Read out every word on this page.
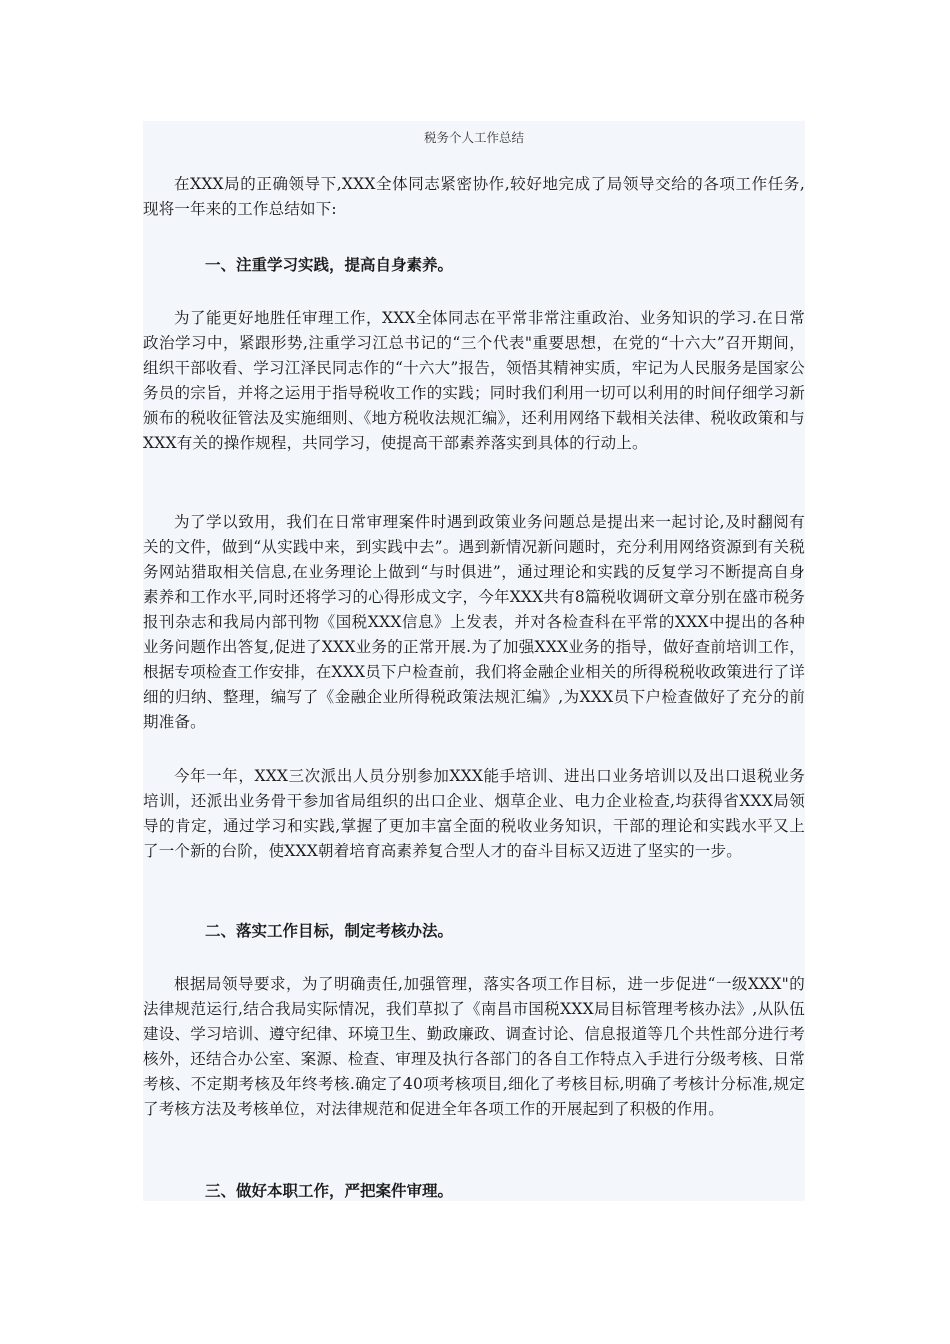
税务个人工作总结

在XXX局的正确领导下,XXX全体同志紧密协作,较好地完成了局领导交给的各项工作任务,现将一年来的工作总结如下:

一、注重学习实践，提高自身素养。

为了能更好地胜任审理工作，XXX全体同志在平常非常注重政治、业务知识的学习.在日常政治学习中，紧跟形势,注重学习江总书记的“三个代表"重要思想，在党的“十六大”召开期间，组织干部收看、学习江泽民同志作的“十六大”报告，领悟其精神实质，牢记为人民服务是国家公务员的宗旨，并将之运用于指导税收工作的实践；同时我们利用一切可以利用的时间仔细学习新颁布的税收征管法及实施细则、《地方税收法规汇编》，还利用网络下载相关法律、税收政策和与XXX有关的操作规程，共同学习，使提高干部素养落实到具体的行动上。

为了学以致用，我们在日常审理案件时遇到政策业务问题总是提出来一起讨论,及时翻阅有关的文件，做到“从实践中来，到实践中去”。遇到新情况新问题时，充分利用网络资源到有关税务网站猎取相关信息,在业务理论上做到“与时俱进”，通过理论和实践的反复学习不断提高自身素养和工作水平,同时还将学习的心得形成文字，今年XXX共有8篇税收调研文章分别在盛市税务报刊杂志和我局内部刊物《国税XXX信息》上发表，并对各检查科在平常的XXX中提出的各种业务问题作出答复,促进了XXX业务的正常开展.为了加强XXX业务的指导，做好查前培训工作，根据专项检查工作安排，在XXX员下户检查前，我们将金融企业相关的所得税税收政策进行了详细的归纳、整理，编写了《金融企业所得税政策法规汇编》,为XXX员下户检查做好了充分的前期准备。

今年一年，XXX三次派出人员分别参加XXX能手培训、进出口业务培训以及出口退税业务培训，还派出业务骨干参加省局组织的出口企业、烟草企业、电力企业检查,均获得省XXX局领导的肯定，通过学习和实践,掌握了更加丰富全面的税收业务知识，干部的理论和实践水平又上了一个新的台阶，使XXX朝着培育高素养复合型人才的奋斗目标又迈进了坚实的一步。

二、落实工作目标，制定考核办法。

根据局领导要求，为了明确责任,加强管理，落实各项工作目标，进一步促进“一级XXX"的法律规范运行,结合我局实际情况，我们草拟了《南昌市国税XXX局目标管理考核办法》,从队伍建设、学习培训、遵守纪律、环境卫生、勤政廉政、调查讨论、信息报道等几个共性部分进行考核外，还结合办公室、案源、检查、审理及执行各部门的各自工作特点入手进行分级考核、日常考核、不定期考核及年终考核.确定了40项考核项目,细化了考核目标,明确了考核计分标准,规定了考核方法及考核单位，对法律规范和促进全年各项工作的开展起到了积极的作用。

三、做好本职工作，严把案件审理。
